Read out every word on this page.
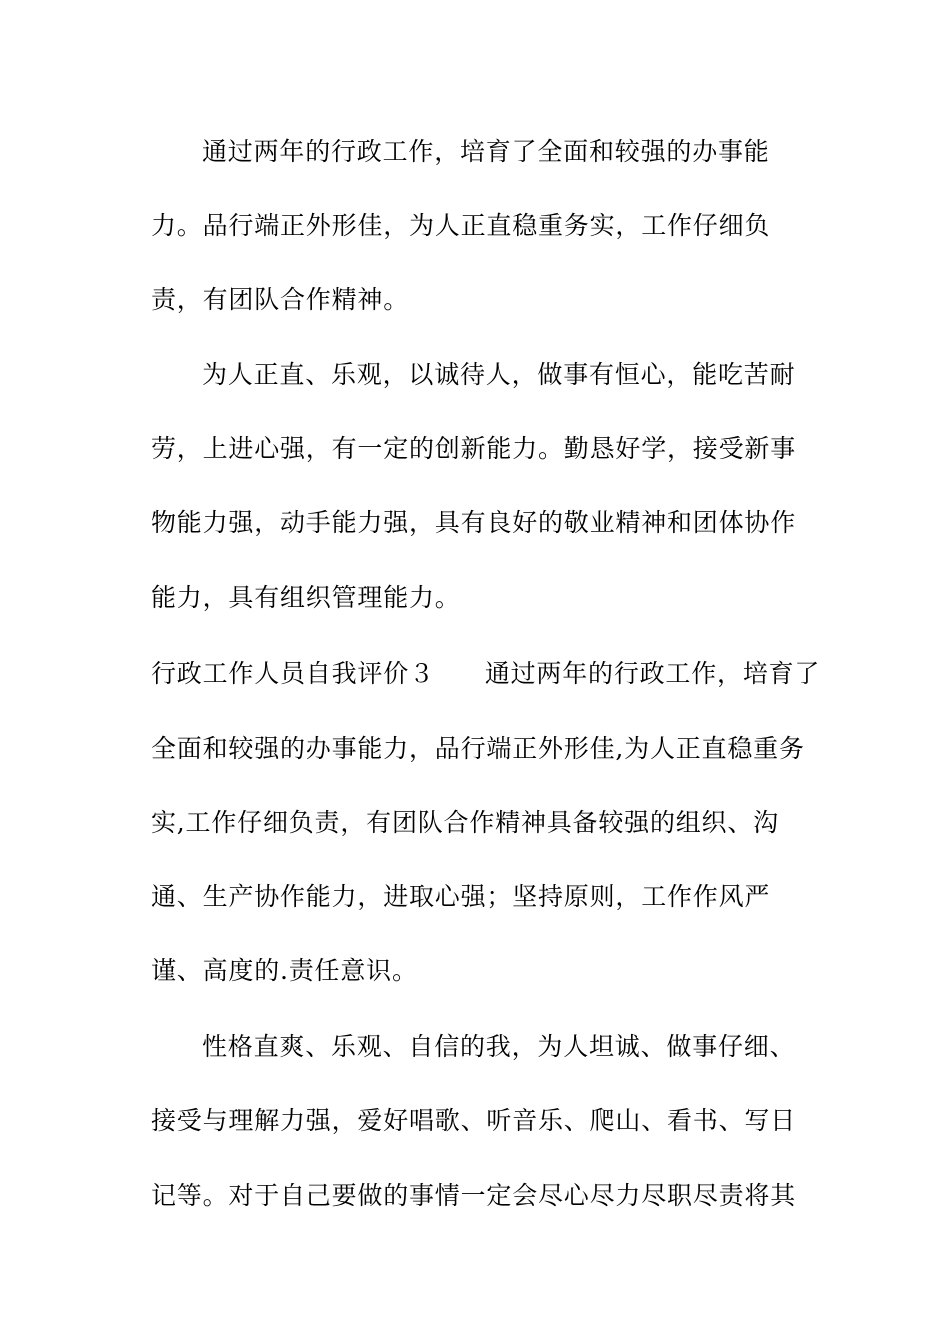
通过两年的行政工作，培育了全面和较强的办事能
力。品行端正外形佳，为人正直稳重务实，工作仔细负
责，有团队合作精神。
为人正直、乐观，以诚待人，做事有恒心，能吃苦耐
劳，上进心强，有一定的创新能力。勤恳好学，接受新事
物能力强，动手能力强，具有良好的敬业精神和团体协作
能力，具有组织管理能力。
行政工作人员自我评价３ 通过两年的行政工作，培育了
全面和较强的办事能力，品行端正外形佳,为人正直稳重务
实,工作仔细负责，有团队合作精神具备较强的组织、沟
通、生产协作能力，进取心强；坚持原则，工作作风严
谨、高度的.责任意识。
性格直爽、乐观、自信的我，为人坦诚、做事仔细、
接受与理解力强，爱好唱歌、听音乐、爬山、看书、写日
记等。对于自己要做的事情一定会尽心尽力尽职尽责将其
